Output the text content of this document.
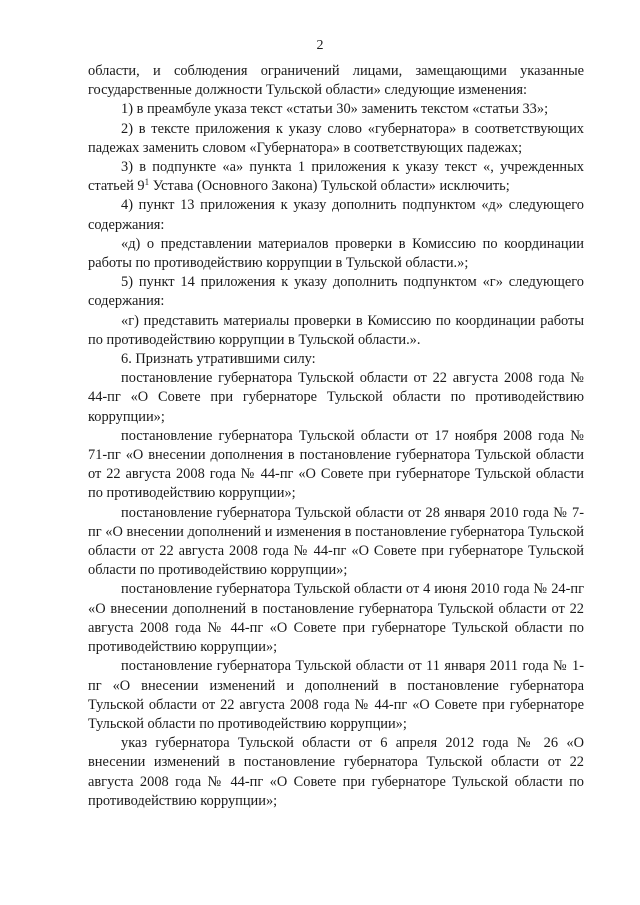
2

области, и соблюдения ограничений лицами, замещающими указанные государственные должности Тульской области» следующие изменения:

1) в преамбуле указа текст «статьи 30» заменить текстом «статьи 33»;

2) в тексте приложения к указу слово «губернатора» в соответствующих падежах заменить словом «Губернатора» в соответствующих падежах;

3) в подпункте «а» пункта 1 приложения к указу текст «, учрежденных статьей $9^1$ Устава (Основного Закона) Тульской области» исключить;

4) пункт 13 приложения к указу дополнить подпунктом «д» следующего содержания:

«д) о представлении материалов проверки в Комиссию по координации работы по противодействию коррупции в Тульской области.»;

5) пункт 14 приложения к указу дополнить подпунктом «г» следующего содержания:

«г) представить материалы проверки в Комиссию по координации работы по противодействию коррупции в Тульской области.».

6. Признать утратившими силу:

постановление губернатора Тульской области от 22 августа 2008 года № 44-пг «О Совете при губернаторе Тульской области по противодействию коррупции»;

постановление губернатора Тульской области от 17 ноября 2008 года № 71-пг «О внесении дополнения в постановление губернатора Тульской области от 22 августа 2008 года № 44-пг «О Совете при губернаторе Тульской области по противодействию коррупции»;

постановление губернатора Тульской области от 28 января 2010 года № 7-пг «О внесении дополнений и изменения в постановление губернатора Тульской области от 22 августа 2008 года № 44-пг «О Совете при губернаторе Тульской области по противодействию коррупции»;

постановление губернатора Тульской области от 4 июня 2010 года № 24-пг «О внесении дополнений в постановление губернатора Тульской области от 22 августа 2008 года № 44-пг «О Совете при губернаторе Тульской области по противодействию коррупции»;

постановление губернатора Тульской области от 11 января 2011 года № 1-пг «О внесении изменений и дополнений в постановление губернатора Тульской области от 22 августа 2008 года № 44-пг «О Совете при губернаторе Тульской области по противодействию коррупции»;

указ губернатора Тульской области от 6 апреля 2012 года № 26 «О внесении изменений в постановление губернатора Тульской области от 22 августа 2008 года № 44-пг «О Совете при губернаторе Тульской области по противодействию коррупции»;
